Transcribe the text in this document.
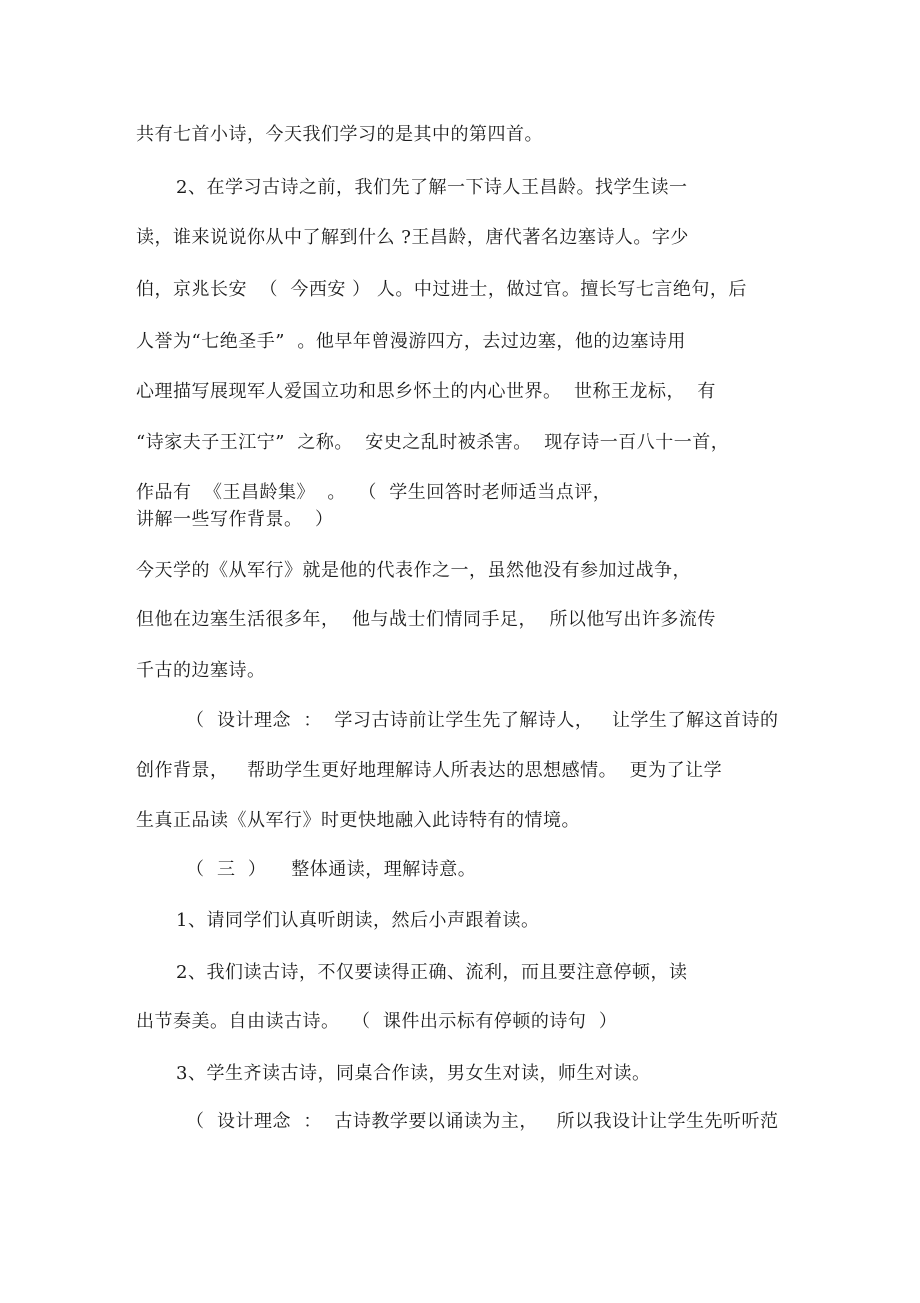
共有七首小诗，今天我们学习的是其中的第四首。
2、在学习古诗之前，我们先了解一下诗人王昌龄。找学生读一
读，谁来说说你从中了解到什么 ?王昌龄，唐代著名边塞诗人。字少
伯，京兆长安  （  今西安 ） 人。中过进士，做过官。擅长写七言绝句，后
人誉为“七绝圣手”  。他早年曾漫游四方，去过边塞，他的边塞诗用
心理描写展现军人爱国立功和思乡怀土的内心世界。  世称王龙标，  有
“诗家夫子王江宁”  之称。  安史之乱时被杀害。  现存诗一百八十一首，
作品有  《王昌龄集》  。  （  学生回答时老师适当点评，
讲解一些写作背景。  ）
今天学的《从军行》就是他的代表作之一，虽然他没有参加过战争，
但他在边塞生活很多年，  他与战士们情同手足，  所以他写出许多流传
千古的边塞诗。
（  设计理念  ：  学习古诗前让学生先了解诗人，   让学生了解这首诗的
创作背景，   帮助学生更好地理解诗人所表达的思想感情。  更为了让学
生真正品读《从军行》时更快地融入此诗特有的情境。
（  三  ）    整体通读，理解诗意。
1、请同学们认真听朗读，然后小声跟着读。
2、我们读古诗，不仅要读得正确、流利，而且要注意停顿，读
出节奏美。自由读古诗。  （  课件出示标有停顿的诗句  ）
3、学生齐读古诗，同桌合作读，男女生对读，师生对读。
（  设计理念  ：  古诗教学要以诵读为主，   所以我设计让学生先听听范
